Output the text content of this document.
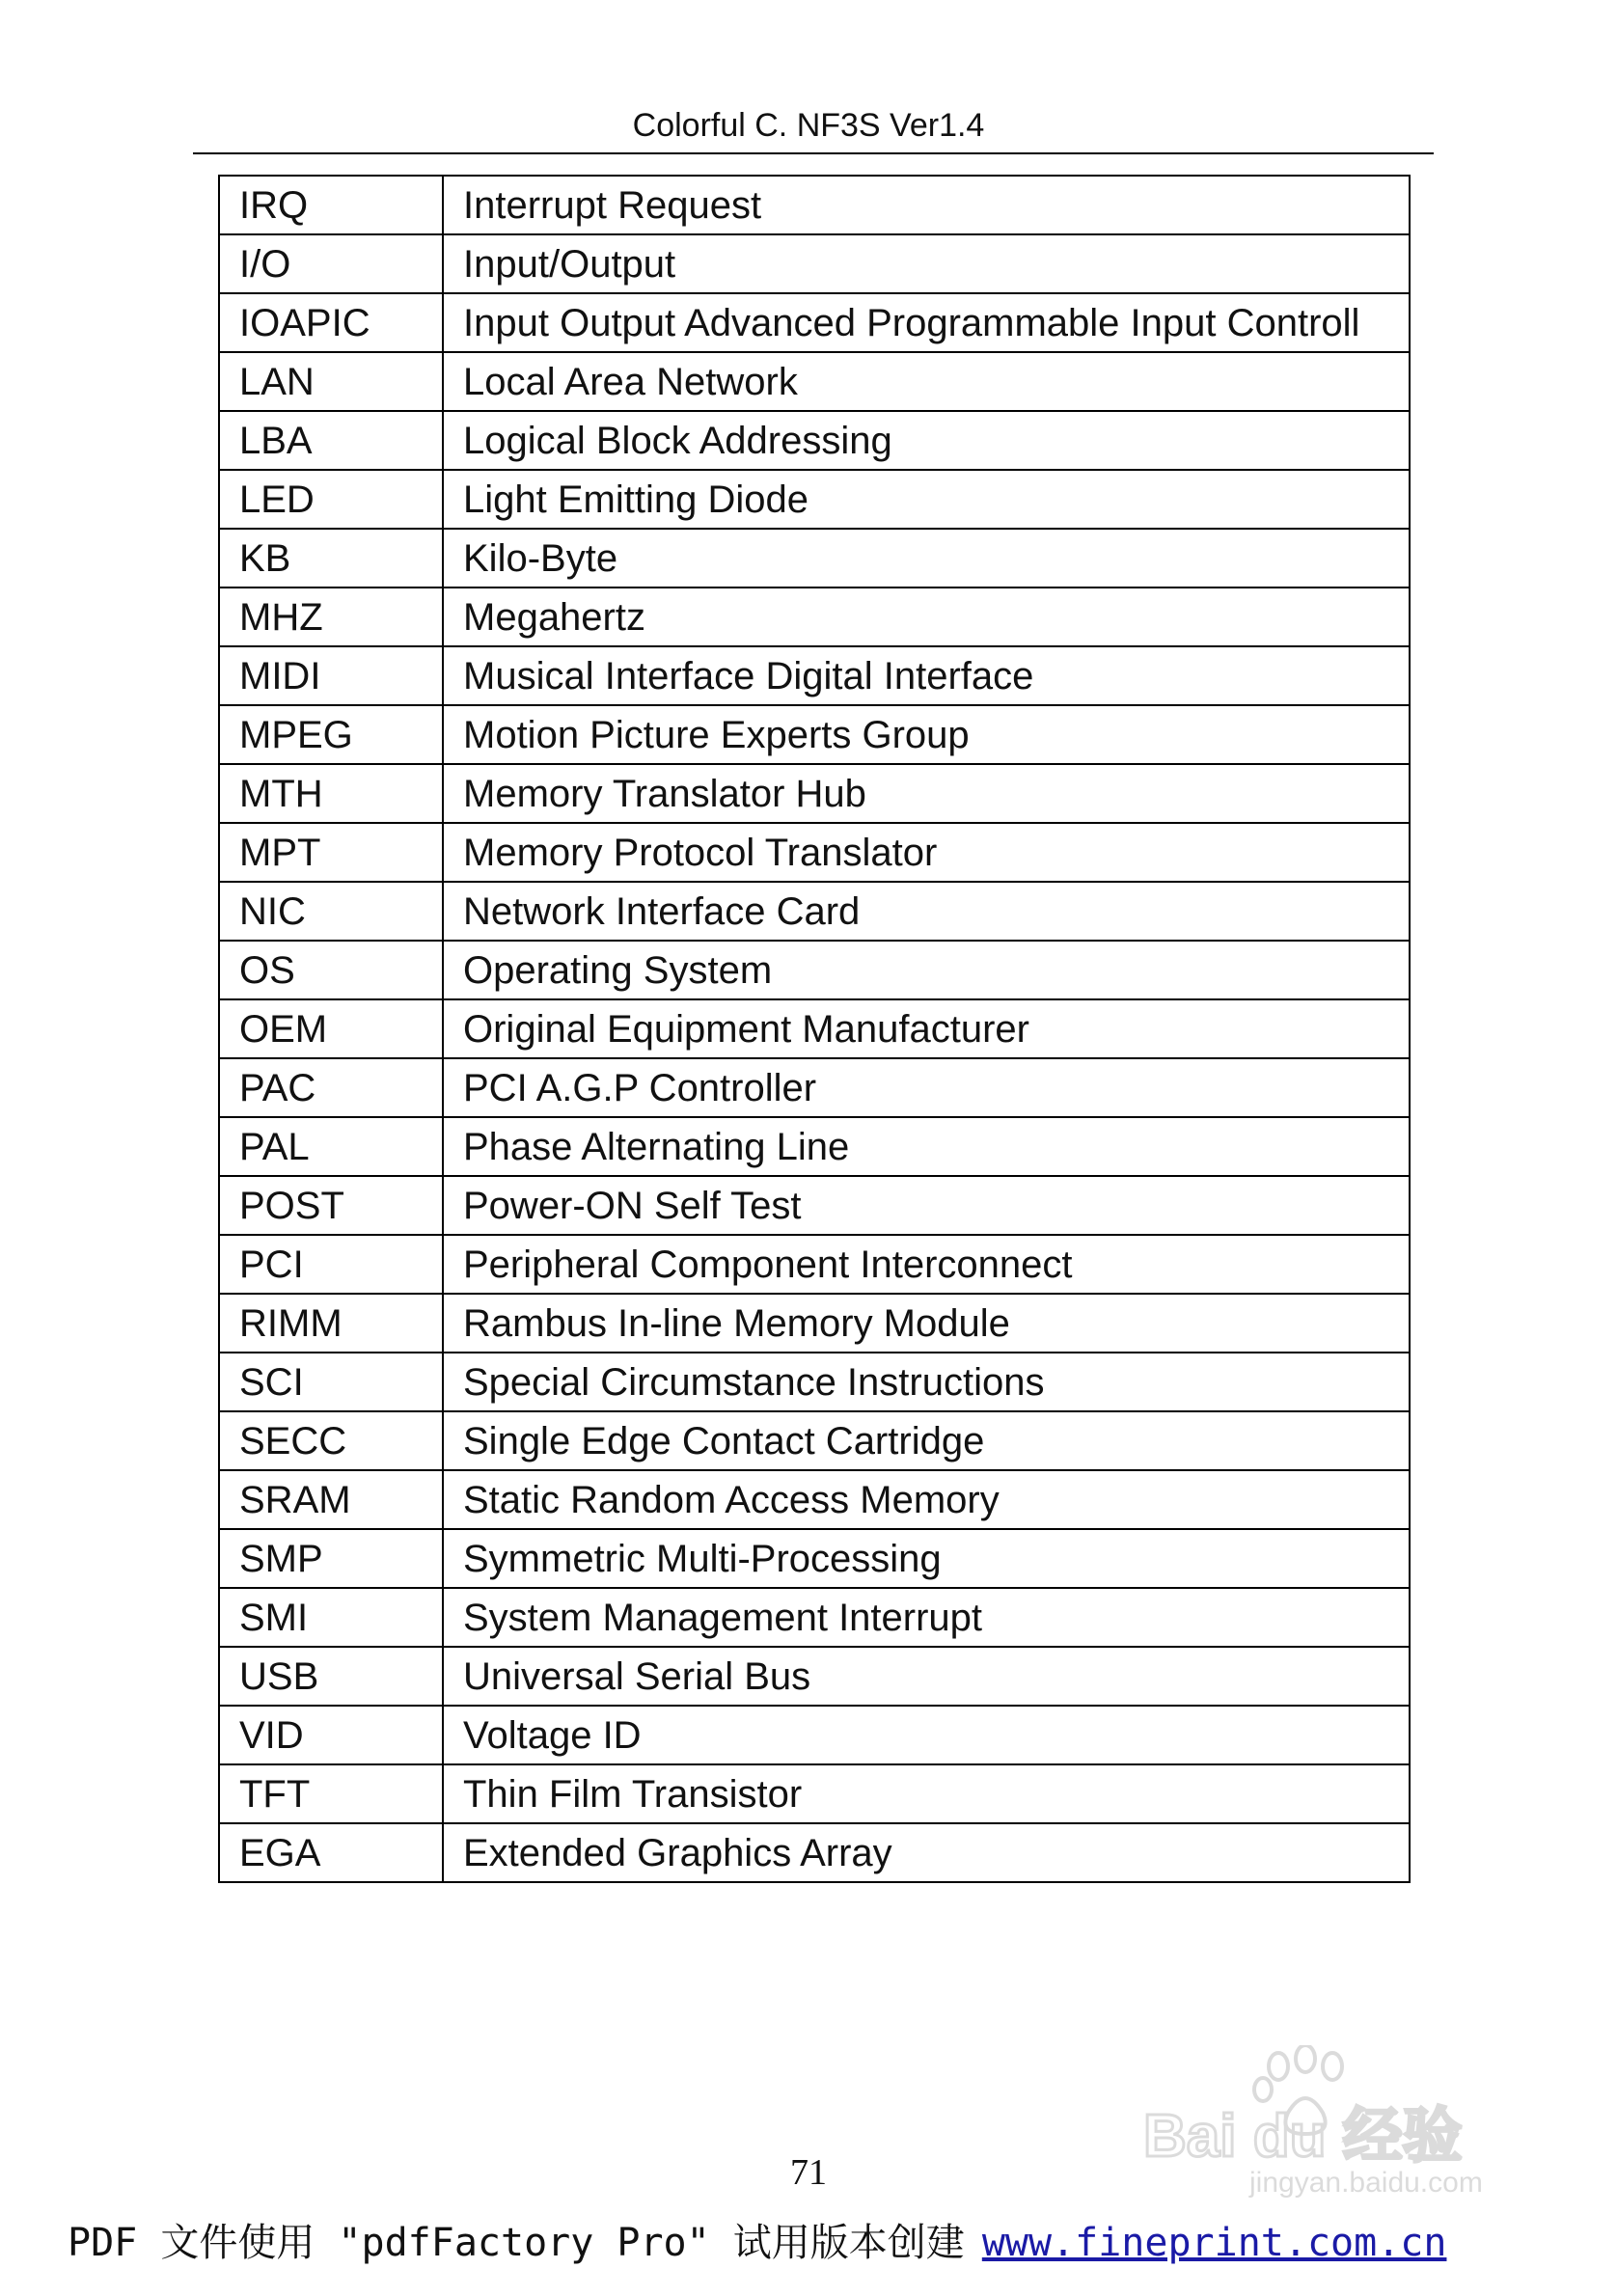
Colorful C. NF3S Ver1.4
IRQ	Interrupt Request
I/O	Input/Output
IOAPIC	Input Output Advanced Programmable Input Controll
LAN	Local Area Network
LBA	Logical Block Addressing
LED	Light Emitting Diode
KB	Kilo-Byte
MHZ	Megahertz
MIDI	Musical Interface Digital Interface
MPEG	Motion Picture Experts Group
MTH	Memory Translator Hub
MPT	Memory Protocol Translator
NIC	Network Interface Card
OS	Operating System
OEM	Original Equipment Manufacturer
PAC	PCI A.G.P Controller
PAL	Phase Alternating Line
POST	Power-ON Self Test
PCI	Peripheral Component Interconnect
RIMM	Rambus In-line Memory Module
SCI	Special Circumstance Instructions
SECC	Single Edge Contact Cartridge
SRAM	Static Random Access Memory
SMP	Symmetric Multi-Processing
SMI	System Management Interrupt
USB	Universal Serial Bus
VID	Voltage ID
TFT	Thin Film Transistor
EGA	Extended Graphics Array
71
PDF 文件使用 "pdfFactory Pro" 试用版本创建 www.fineprint.com.cn
Bai du 经验
jingyan.baidu.com
